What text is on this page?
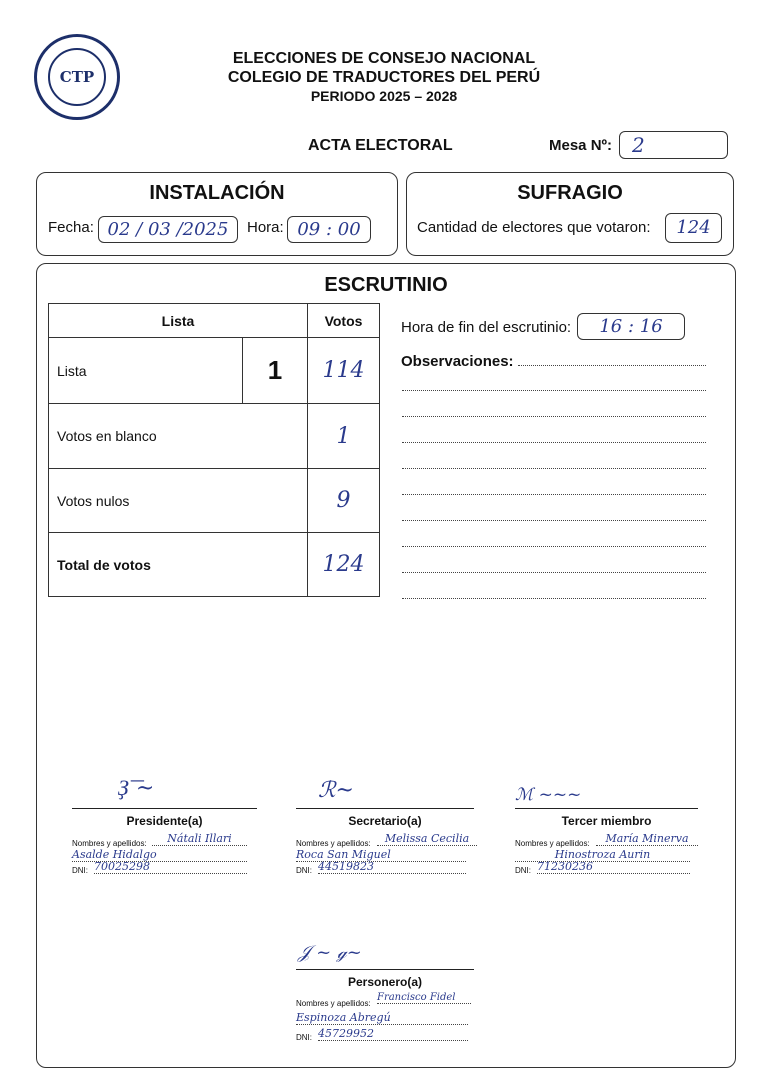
CTP
ELECCIONES DE CONSEJO NACIONAL
COLEGIO DE TRADUCTORES DEL PERÚ
PERIODO 2025 – 2028
ACTA ELECTORAL	Mesa Nº:	2
INSTALACIÓN
Fecha: 02 / 03 /2025	Hora: 09 : 00
SUFRAGIO
Cantidad de electores que votaron:	124
ESCRUTINIO
Lista		Votos
Lista	1	114
Votos en blanco		1
Votos nulos		9
Total de votos		124
Hora de fin del escrutinio:	16 : 16
Observaciones:
Ҙ͞ ~
Presidente(a)
Nombres y apellidos:	Nátali Illari
Asalde Hidalgo
DNI: 70025298
ℛ~
Secretario(a)
Nombres y apellidos:	Melissa Cecilia
Roca San Miguel
DNI: 44519823
ℳ ~~~
Tercer miembro
Nombres y apellidos:	María Minerva
Hinostroza Aurin
DNI: 71230236
𝒥 ~ ℊ~
Personero(a)
Nombres y apellidos:
Francisco Fidel
Espinoza Abregú
DNI: 45729952
